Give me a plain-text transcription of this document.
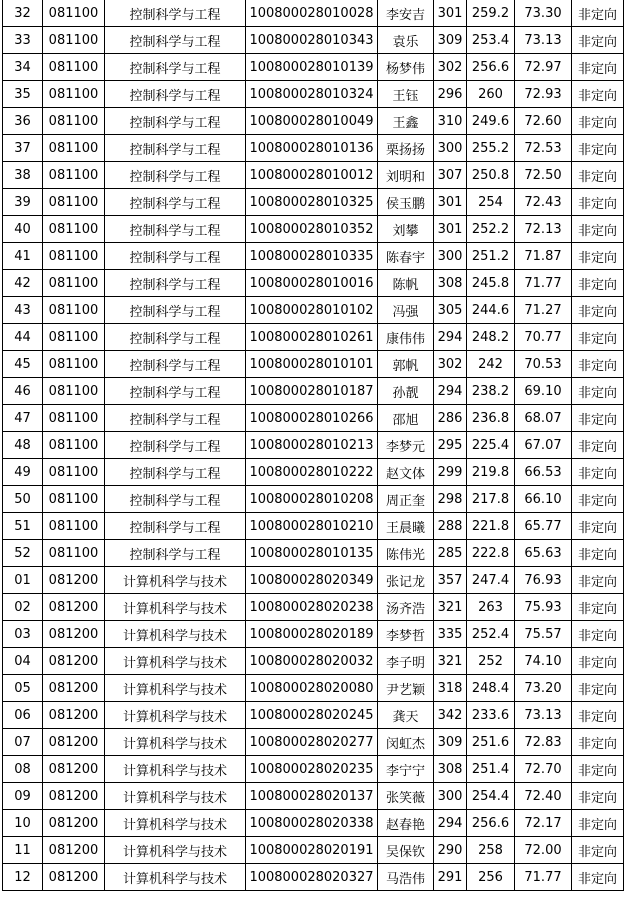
32	081100	控制科学与工程	100800028010028	李安吉	301	259.2	73.30	非定向
33	081100	控制科学与工程	100800028010343	袁乐	309	253.4	73.13	非定向
34	081100	控制科学与工程	100800028010139	杨梦伟	302	256.6	72.97	非定向
35	081100	控制科学与工程	100800028010324	王钰	296	260	72.93	非定向
36	081100	控制科学与工程	100800028010049	王鑫	310	249.6	72.60	非定向
37	081100	控制科学与工程	100800028010136	栗扬扬	300	255.2	72.53	非定向
38	081100	控制科学与工程	100800028010012	刘明和	307	250.8	72.50	非定向
39	081100	控制科学与工程	100800028010325	侯玉鹏	301	254	72.43	非定向
40	081100	控制科学与工程	100800028010352	刘攀	301	252.2	72.13	非定向
41	081100	控制科学与工程	100800028010335	陈春宇	300	251.2	71.87	非定向
42	081100	控制科学与工程	100800028010016	陈帆	308	245.8	71.77	非定向
43	081100	控制科学与工程	100800028010102	冯强	305	244.6	71.27	非定向
44	081100	控制科学与工程	100800028010261	康伟伟	294	248.2	70.77	非定向
45	081100	控制科学与工程	100800028010101	郭帆	302	242	70.53	非定向
46	081100	控制科学与工程	100800028010187	孙靓	294	238.2	69.10	非定向
47	081100	控制科学与工程	100800028010266	邵旭	286	236.8	68.07	非定向
48	081100	控制科学与工程	100800028010213	李梦元	295	225.4	67.07	非定向
49	081100	控制科学与工程	100800028010222	赵文体	299	219.8	66.53	非定向
50	081100	控制科学与工程	100800028010208	周正奎	298	217.8	66.10	非定向
51	081100	控制科学与工程	100800028010210	王晨曦	288	221.8	65.77	非定向
52	081100	控制科学与工程	100800028010135	陈伟光	285	222.8	65.63	非定向
01	081200	计算机科学与技术	100800028020349	张记龙	357	247.4	76.93	非定向
02	081200	计算机科学与技术	100800028020238	汤齐浩	321	263	75.93	非定向
03	081200	计算机科学与技术	100800028020189	李梦哲	335	252.4	75.57	非定向
04	081200	计算机科学与技术	100800028020032	李子明	321	252	74.10	非定向
05	081200	计算机科学与技术	100800028020080	尹艺颖	318	248.4	73.20	非定向
06	081200	计算机科学与技术	100800028020245	龚天	342	233.6	73.13	非定向
07	081200	计算机科学与技术	100800028020277	闵虹杰	309	251.6	72.83	非定向
08	081200	计算机科学与技术	100800028020235	李宁宁	308	251.4	72.70	非定向
09	081200	计算机科学与技术	100800028020137	张笑薇	300	254.4	72.40	非定向
10	081200	计算机科学与技术	100800028020338	赵春艳	294	256.6	72.17	非定向
11	081200	计算机科学与技术	100800028020191	吴保钦	290	258	72.00	非定向
12	081200	计算机科学与技术	100800028020327	马浩伟	291	256	71.77	非定向
